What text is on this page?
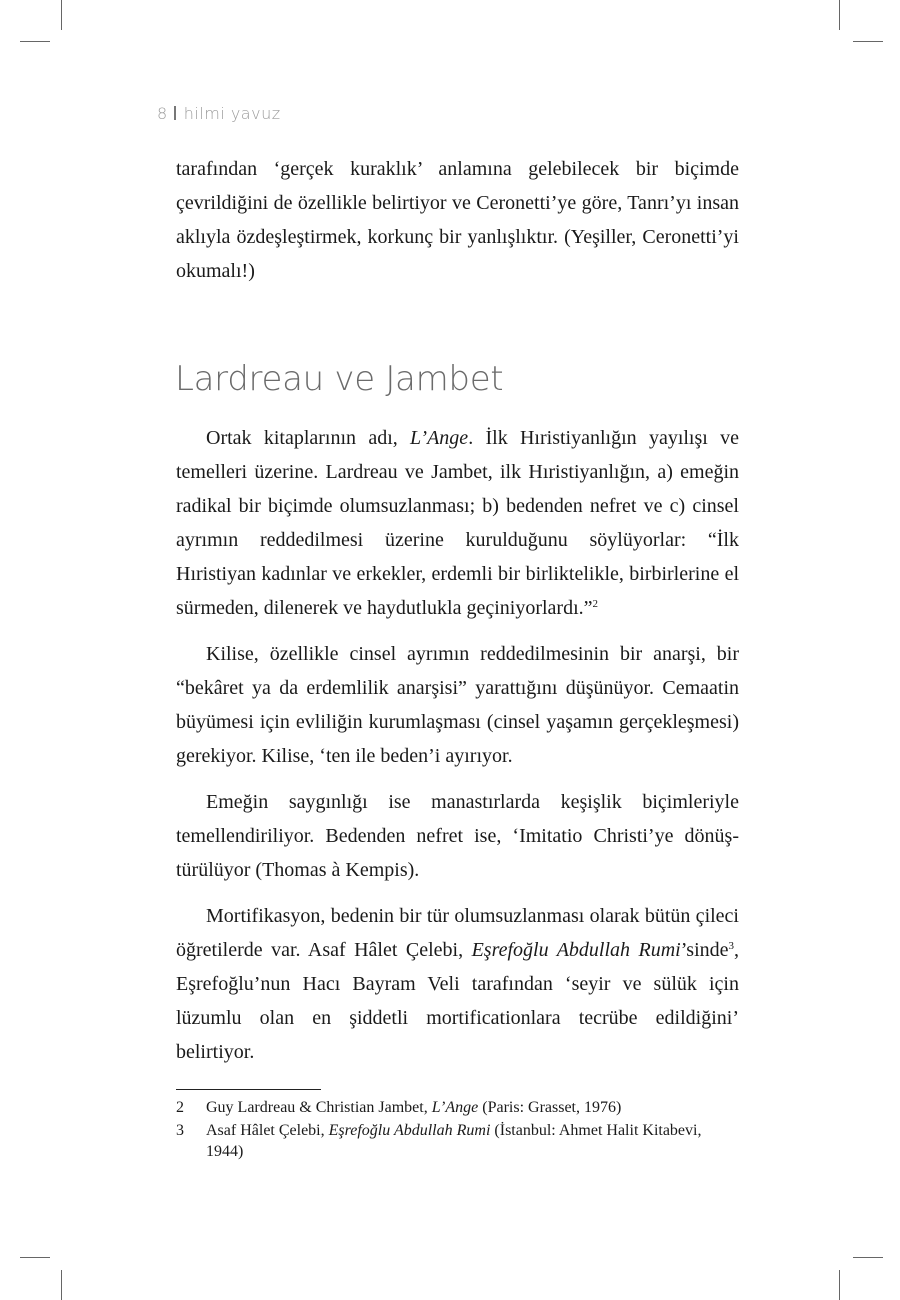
8 hilmi yavuz

tarafından ‘gerçek kuraklık’ anlamına gelebilecek bir biçimde çevrildiğini de özellikle belirtiyor ve Ceronetti’ye göre, Tanrı’yı insan aklıyla özdeşleştirmek, korkunç bir yanlışlıktır. (Yeşiller, Ceronetti’yi okumalı!)

Lardreau ve Jambet

Ortak kitaplarının adı, L’Ange. İlk Hıristiyanlığın yayılışı ve temelleri üzerine. Lardreau ve Jambet, ilk Hıristiyanlığın, a) emeğin radikal bir biçimde olumsuzlanması; b) bedenden nefret ve c) cinsel ayrımın reddedilmesi üzerine kurulduğunu söylüyorlar: “İlk Hıristiyan kadınlar ve erkekler, erdemli bir birliktelikle, birbirlerine el sürmeden, dilenerek ve haydutlukla geçiniyorlardı.”$^2$

Kilise, özellikle cinsel ayrımın reddedilmesinin bir anarşi, bir “bekâret ya da erdemlilik anarşisi” yarattığını düşünüyor. Cemaatin büyümesi için evliliğin kurumlaşması (cinsel yaşamın gerçekleşmesi) gerekiyor. Kilise, ‘ten ile beden’i ayırıyor.

Emeğin saygınlığı ise manastırlarda keşişlik biçimleriyle temellendiriliyor. Bedenden nefret ise, ‘Imitatio Christi’ye dönüş-türülüyor (Thomas à Kempis).

Mortifikasyon, bedenin bir tür olumsuzlanması olarak bütün çileci öğretilerde var. Asaf Hâlet Çelebi, Eşrefoğlu Abdullah Rumi’sinde$^3$, Eşrefoğlu’nun Hacı Bayram Veli tarafından ‘seyir ve sülük için lüzumlu olan en şiddetli mortificationlara tecrübe edildiğini’ belirtiyor.

2	Guy Lardreau & Christian Jambet, L’Ange (Paris: Grasset, 1976)
3	Asaf Hâlet Çelebi, Eşrefoğlu Abdullah Rumi (İstanbul: Ahmet Halit Kitabevi, 1944)
